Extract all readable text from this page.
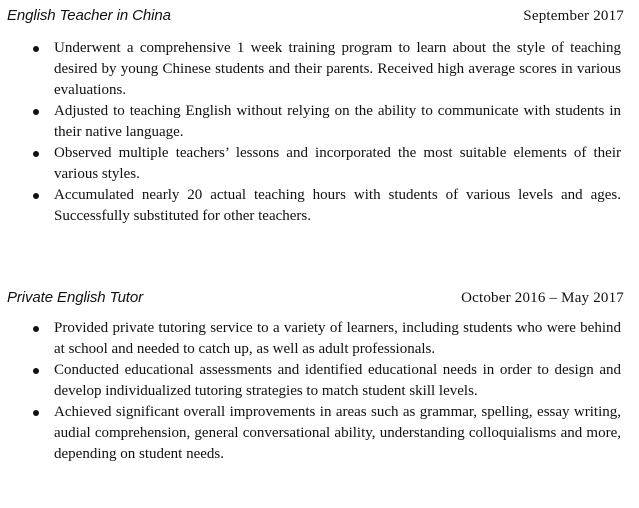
English Teacher in China	September 2017
Underwent a comprehensive 1 week training program to learn about the style of teaching desired by young Chinese students and their parents. Received high average scores in various evaluations.
Adjusted to teaching English without relying on the ability to communicate with students in their native language.
Observed multiple teachers’ lessons and incorporated the most suitable elements of their various styles.
Accumulated nearly 20 actual teaching hours with students of various levels and ages. Successfully substituted for other teachers.
Private English Tutor	October 2016 – May 2017
Provided private tutoring service to a variety of learners, including students who were behind at school and needed to catch up, as well as adult professionals.
Conducted educational assessments and identified educational needs in order to design and develop individualized tutoring strategies to match student skill levels.
Achieved significant overall improvements in areas such as grammar, spelling, essay writing, audial comprehension, general conversational ability, understanding colloquialisms and more, depending on student needs.
